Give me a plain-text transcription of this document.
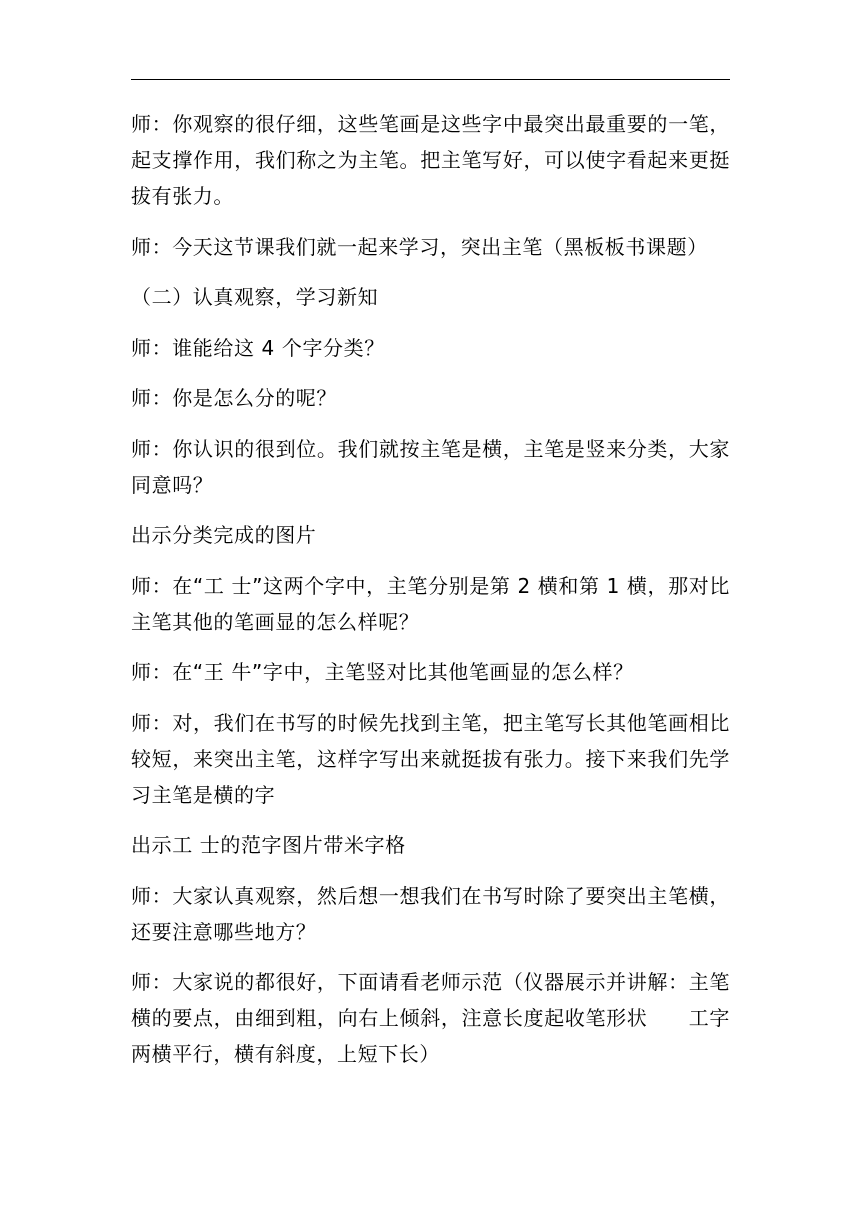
师：你观察的很仔细，这些笔画是这些字中最突出最重要的一笔，起支撑作用，我们称之为主笔。把主笔写好，可以使字看起来更挺拔有张力。

师：今天这节课我们就一起来学习，突出主笔（黑板板书课题）

（二）认真观察，学习新知

师：谁能给这 4 个字分类？

师：你是怎么分的呢？

师：你认识的很到位。我们就按主笔是横，主笔是竖来分类，大家同意吗？

出示分类完成的图片

师：在“工 士”这两个字中，主笔分别是第 2 横和第 1 横，那对比主笔其他的笔画显的怎么样呢？

师：在“王 牛”字中，主笔竖对比其他笔画显的怎么样？

师：对，我们在书写的时候先找到主笔，把主笔写长其他笔画相比较短，来突出主笔，这样字写出来就挺拔有张力。接下来我们先学习主笔是横的字

出示工 士的范字图片带米字格

师：大家认真观察，然后想一想我们在书写时除了要突出主笔横，还要注意哪些地方？

师：大家说的都很好，下面请看老师示范（仪器展示并讲解：主笔横的要点，由细到粗，向右上倾斜，注意长度起收笔形状　　工字　两横平行，横有斜度，上短下长）
